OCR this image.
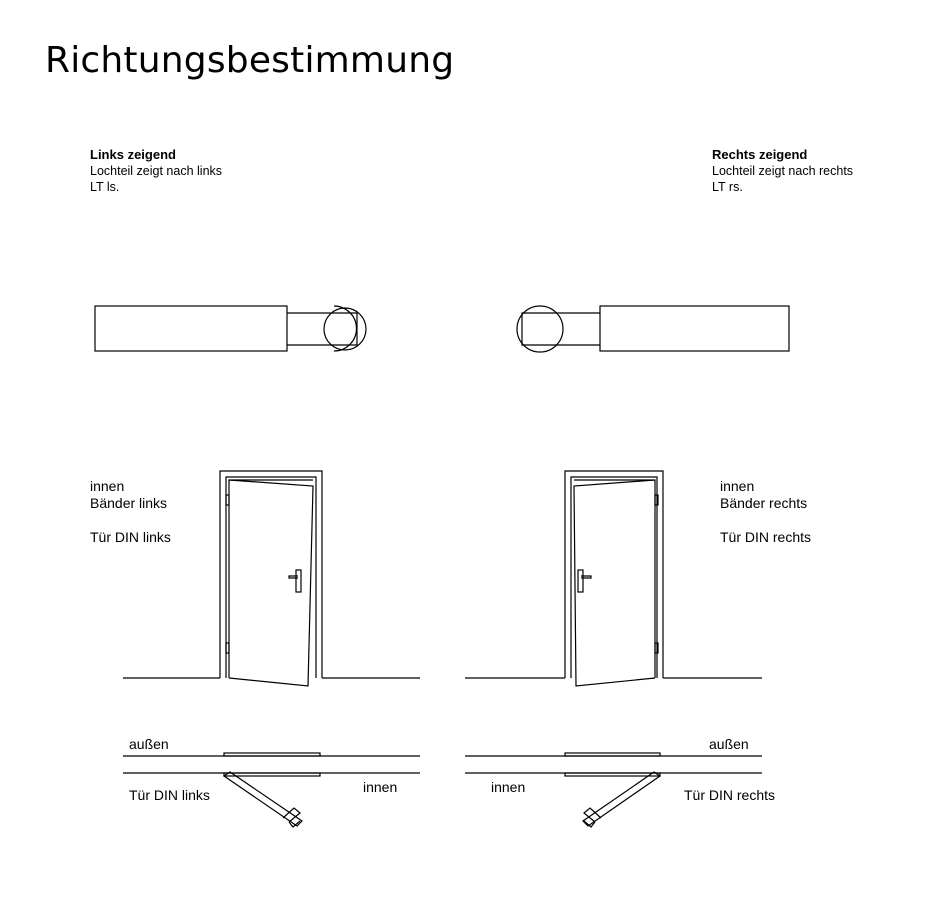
Richtungsbestimmung
Links zeigend
Lochteil zeigt nach links
LT ls.
Rechts zeigend
Lochteil zeigt nach rechts
LT rs.
innen
Bänder links
Tür DIN links
innen
Bänder rechts
Tür DIN rechts
außen
Tür DIN links	innen
außen
innen	Tür DIN rechts
